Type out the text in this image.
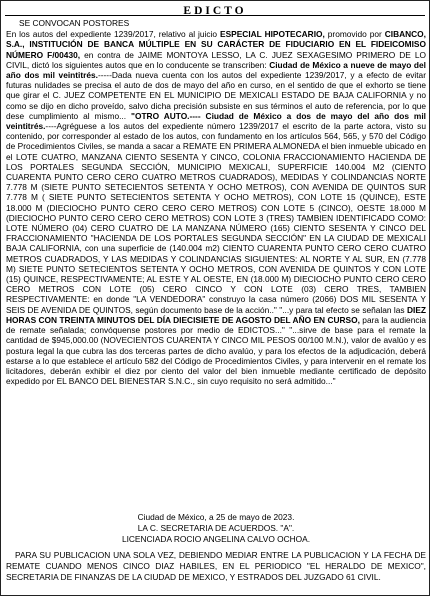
EDICTO

SE CONVOCAN POSTORES

En los autos del expediente 1239/2017, relativo al juicio ESPECIAL HIPOTECARIO, promovido por CIBANCO, S.A., INSTITUCIÓN DE BANCA MÚLTIPLE EN SU CARÁCTER DE FIDUCIARIO EN EL FIDEICOMISO NÚMERO F/00430, en contra de JAIME MONTOYA LESSO, LA C. JUEZ SEXAGESIMO PRIMERO DE LO CIVIL, dictó los siguientes autos que en lo conducente se transcriben: Ciudad de México a nueve de mayo del año dos mil veintitrés.-----Dada nueva cuenta con los autos del expediente 1239/2017, y a efecto de evitar futuras nulidades se precisa el auto de dos de mayo del año en curso, en el sentido de que el exhorto se tiene que girar el C. JUEZ COMPETENTE EN EL MUNICIPIO DE MEXICALI ESTADO DE BAJA CALIFORNIA y no como se dijo en dicho proveído, salvo dicha precisión subsiste en sus términos el auto de referencia, por lo que dese cumplimiento al mismo... "OTRO AUTO.---- Ciudad de México a dos de mayo del año dos mil veintitrés.----Agréguese a los autos del expediente número 1239/2017 el escrito de la parte actora, visto su contenido, por corresponder al estado de los autos, con fundamento en los artículos 564, 565, y 570 del Código de Procedimientos Civiles, se manda a sacar a REMATE EN PRIMERA ALMONEDA el bien inmueble ubicado en el LOTE CUATRO, MANZANA CIENTO SESENTA Y CINCO, COLONIA FRACCIONAMIENTO HACIENDA DE LOS PORTALES SEGUNDA SECCIÓN, MUNICIPIO MEXICALI, SUPERFICIE 140.004 M2 (CIENTO CUARENTA PUNTO CERO CERO CUATRO METROS CUADRADOS), MEDIDAS Y COLINDANCIAS NORTE 7.778 M (SIETE PUNTO SETECIENTOS SETENTA Y OCHO METROS), CON AVENIDA DE QUINTOS SUR 7.778 M ( SIETE PUNTO SETECIENTOS SETENTA Y OCHO METROS), CON LOTE 15 (QUINCE), ESTE 18.000 M (DIECIOCHO PUNTO CERO CERO CERO METROS) CON LOTE 5 (CINCO), OESTE 18.000 M (DIECIOCHO PUNTO CERO CERO CERO METROS) CON LOTE 3 (TRES) TAMBIEN IDENTIFICADO COMO: LOTE NÚMERO (04) CERO CUATRO DE LA MANZANA NÚMERO (165) CIENTO SESENTA Y CINCO DEL FRACCIONAMIENTO "HACIENDA DE LOS PORTALES SEGUNDA SECCIÓN" EN LA CIUDAD DE MEXICALI BAJA CALIFORNIA, con una superficie de (140.004 m2) CIENTO CUARENTA PUNTO CERO CERO CUATRO METROS CUADRADOS, Y LAS MEDIDAS Y COLINDANCIAS SIGUIENTES: AL NORTE Y AL SUR, EN (7.778 M) SIETE PUNTO SETECIENTOS SETENTA Y OCHO METROS, CON AVENIDA DE QUINTOS Y CON LOTE (15) QUINCE, RESPECTIVAMENTE; AL ESTE Y AL OESTE, EN (18.000 M) DIECIOCHO PUNTO CERO CERO CERO METROS CON LOTE (05) CERO CINCO Y CON LOTE (03) CERO TRES, TAMBIEN RESPECTIVAMENTE: en donde "LA VENDEDORA" construyo la casa número (2066) DOS MIL SESENTA Y SEIS DE AVENIDA DE QUINTOS, según documento base de la acción.." "...y para tal efecto se señalan las DIEZ HORAS CON TREINTA MINUTOS DEL DÍA DIECISIETE DE AGOSTO DEL AÑO EN CURSO, para la audiencia de remate señalada; convóquense postores por medio de EDICTOS..." "...sirve de base para el remate la cantidad de $945,000.00 (NOVECIENTOS CUARENTA Y CINCO MIL PESOS 00/100 M.N.), valor de avalúo y es postura legal la que cubra las dos terceras partes de dicho avalúo, y para los efectos de la adjudicación, deberá estarse a lo que establece el artículo 582 del Código de Procedimientos Civiles, y para intervenir en el remate los licitadores, deberán exhibir el diez por ciento del valor del bien inmueble mediante certificado de depósito expedido por EL BANCO DEL BIENESTAR S.N.C., sin cuyo requisito no será admitido..."

Ciudad de México, a 25 de mayo de 2023.
LA C. SECRETARIA DE ACUERDOS. "A".
LICENCIADA ROCIO ANGELINA CALVO OCHOA.

PARA SU PUBLICACION UNA SOLA VEZ, DEBIENDO MEDIAR ENTRE LA PUBLICACION Y LA FECHA DE REMATE CUANDO MENOS CINCO DIAZ HABILES, EN EL PERIODICO "EL HERALDO DE MEXICO", SECRETARIA DE FINANZAS DE LA CIUDAD DE MEXICO, Y ESTRADOS DEL JUZGADO 61 CIVIL.
